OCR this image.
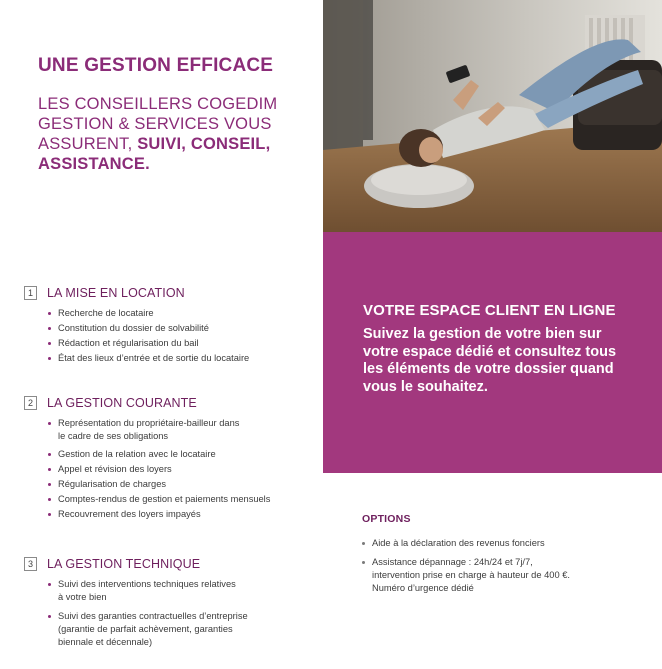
UNE GESTION EFFICACE
LES CONSEILLERS COGEDIM
GESTION & SERVICES VOUS
ASSURENT, SUIVI, CONSEIL,
ASSISTANCE.
1	LA MISE EN LOCATION
Recherche de locataire
Constitution du dossier de solvabilité
Rédaction et régularisation du bail
État des lieux d’entrée et de sortie du locataire
2	LA GESTION COURANTE
Représentation du propriétaire-bailleur dans
le cadre de ses obligations
Gestion de la relation avec le locataire
Appel et révision des loyers
Régularisation de charges
Comptes-rendus de gestion et paiements mensuels
Recouvrement des loyers impayés
3	LA GESTION TECHNIQUE
Suivi des interventions techniques relatives
à votre bien
Suivi des garanties contractuelles d’entreprise
(garantie de parfait achèvement, garanties
biennale et décennale)
VOTRE ESPACE CLIENT EN LIGNE
Suivez la gestion de votre bien sur
votre espace dédié et consultez tous
les éléments de votre dossier quand
vous le souhaitez.
OPTIONS
Aide à la déclaration des revenus fonciers
Assistance dépannage : 24h/24 et 7j/7,
intervention prise en charge à hauteur de 400 €.
Numéro d’urgence dédié
